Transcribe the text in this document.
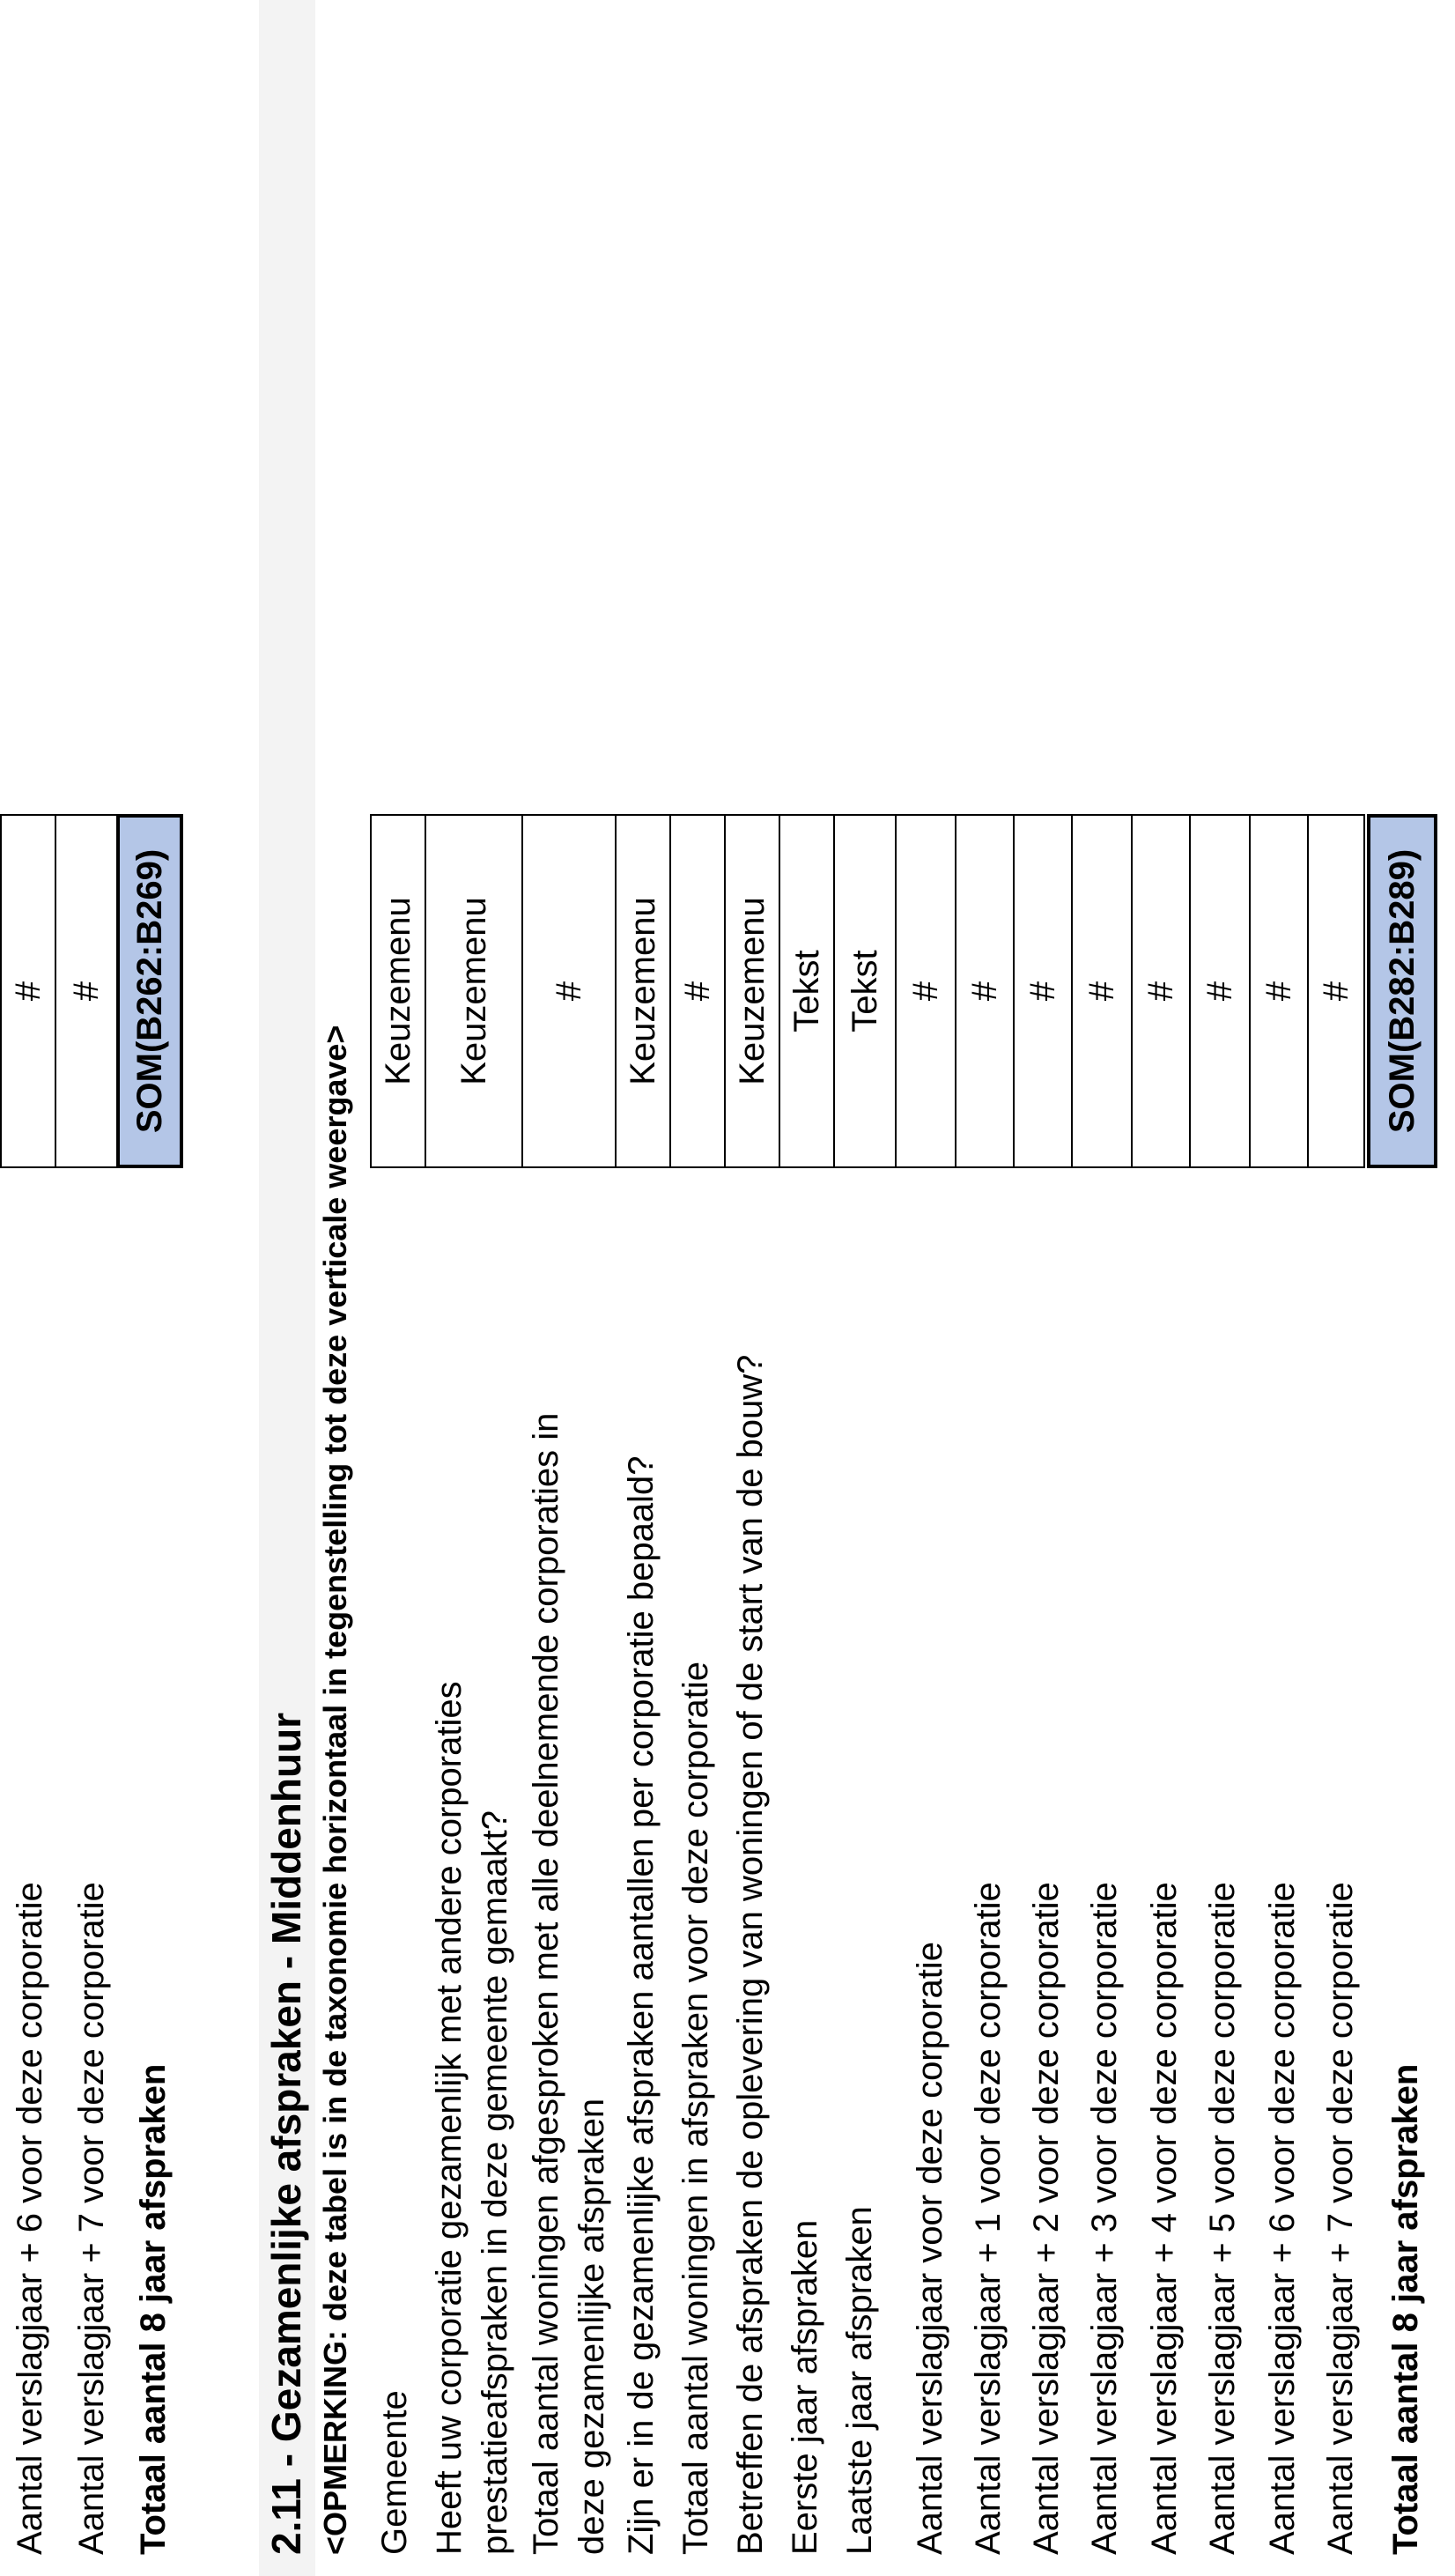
Aantal verslagjaar + 6 voor deze corporatie
#
Aantal verslagjaar + 7 voor deze corporatie
#
Totaal aantal 8 jaar afspraken
SOM(B262:B269)
2.11 - Gezamenlijke afspraken - Middenhuur <OPMERKING: deze tabel is in de taxonomie horizontaal in tegenstelling tot deze verticale weergave> Gemeente
Keuzemenu
Heeft uw corporatie gezamenlijk met andere corporaties prestatieafspraken in deze gemeente gemaakt?
Keuzemenu
Totaal aantal woningen afgesproken met alle deelnemende corporaties in deze gezamenlijke afspraken
#
Zijn er in de gezamenlijke afspraken aantallen per corporatie bepaald?
Keuzemenu
Totaal aantal woningen in afspraken voor deze corporatie
#
Betreffen de afspraken de oplevering van woningen of de start van de bouw?
Keuzemenu
Eerste jaar afspraken
Tekst
Laatste jaar afspraken
Tekst
Aantal verslagjaar voor deze corporatie
#
Aantal verslagjaar + 1 voor deze corporatie
#
Aantal verslagjaar + 2 voor deze corporatie
#
Aantal verslagjaar + 3 voor deze corporatie
#
Aantal verslagjaar + 4 voor deze corporatie
#
Aantal verslagjaar + 5 voor deze corporatie
#
Aantal verslagjaar + 6 voor deze corporatie
#
Aantal verslagjaar + 7 voor deze corporatie
#
Totaal aantal 8 jaar afspraken
SOM(B282:B289)
